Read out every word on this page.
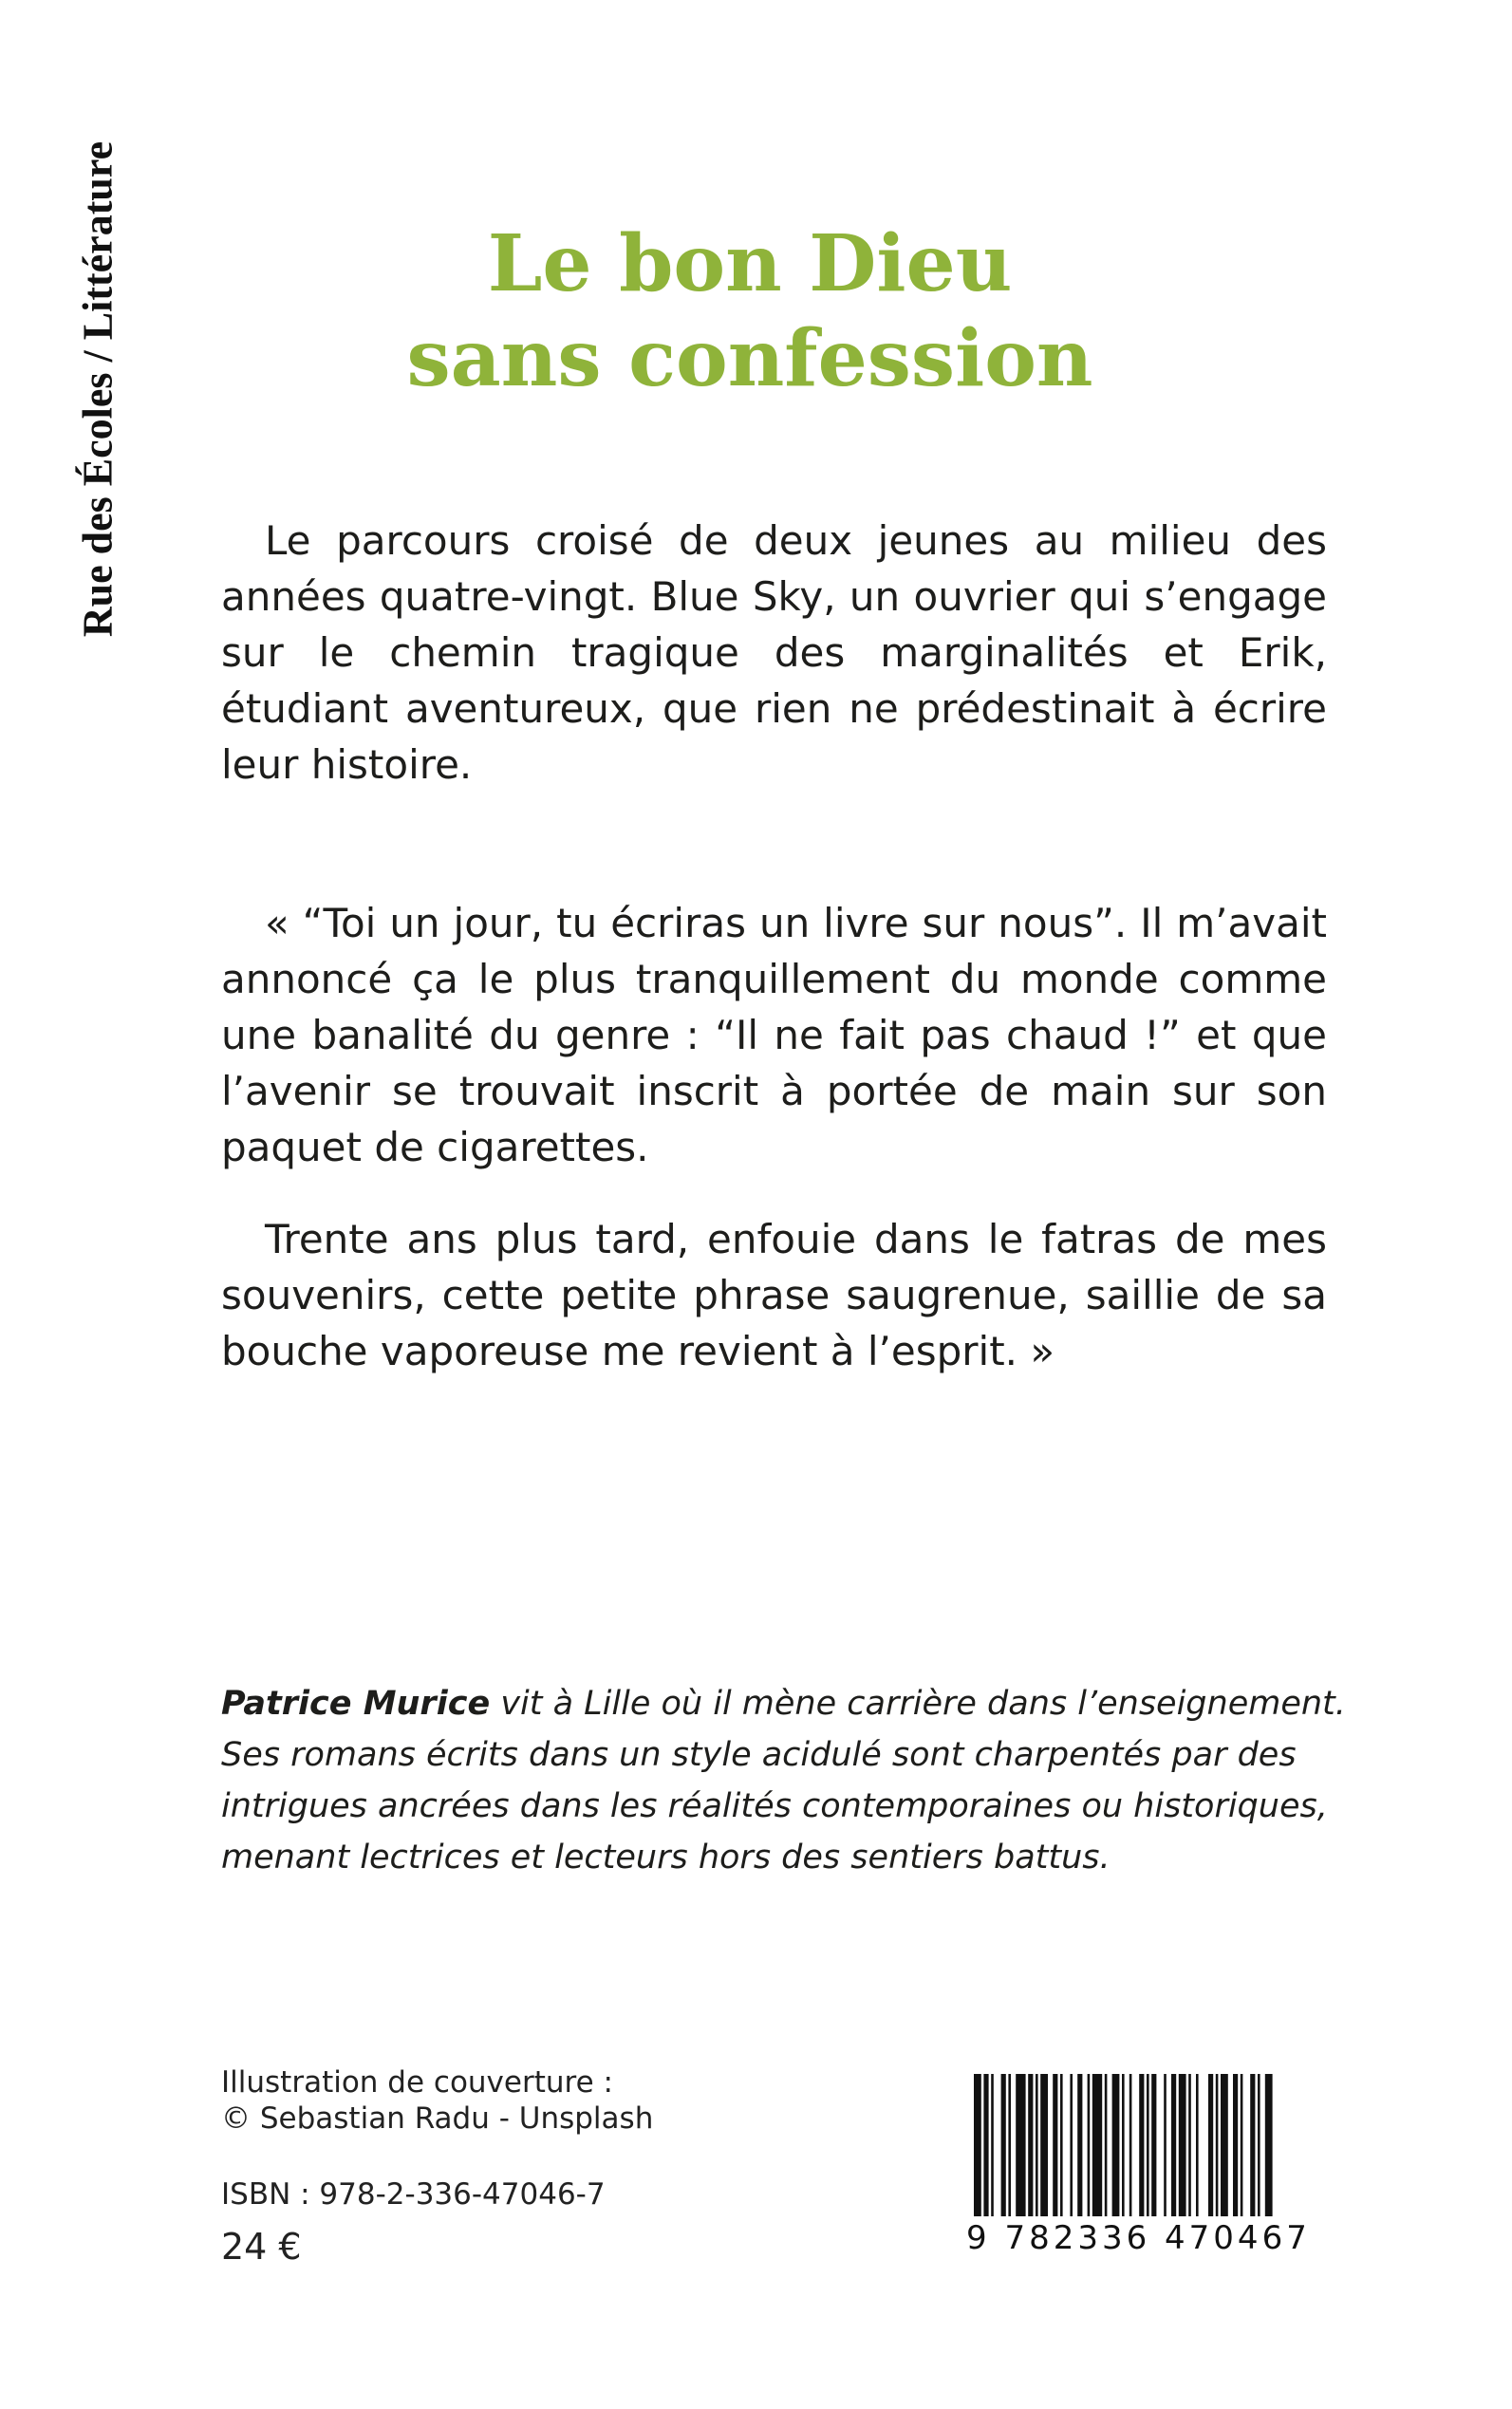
Rue des Écoles / Littérature	Le bon Dieu
sans confession

Le parcours croisé de deux jeunes au milieu des années quatre-vingt. Blue Sky, un ouvrier qui s’engage sur le chemin tragique des marginalités et Erik, étudiant aventureux, que rien ne prédestinait à écrire leur histoire.

« “Toi un jour, tu écriras un livre sur nous”. Il m’avait annoncé ça le plus tranquillement du monde comme une banalité du genre : “Il ne fait pas chaud !” et que l’avenir se trouvait inscrit à portée de main sur son paquet de cigarettes.

Trente ans plus tard, enfouie dans le fatras de mes souvenirs, cette petite phrase saugrenue, saillie de sa bouche vaporeuse me revient à l’esprit. »

Patrice Murice vit à Lille où il mène carrière dans l’enseignement.
Ses romans écrits dans un style acidulé sont charpentés par des
intrigues ancrées dans les réalités contemporaines ou historiques,
menant lectrices et lecteurs hors des sentiers battus.
Illustration de couverture :
© Sebastian Radu - Unsplash
ISBN : 978-2-336-47046-7
24 €	9 782336 470467
